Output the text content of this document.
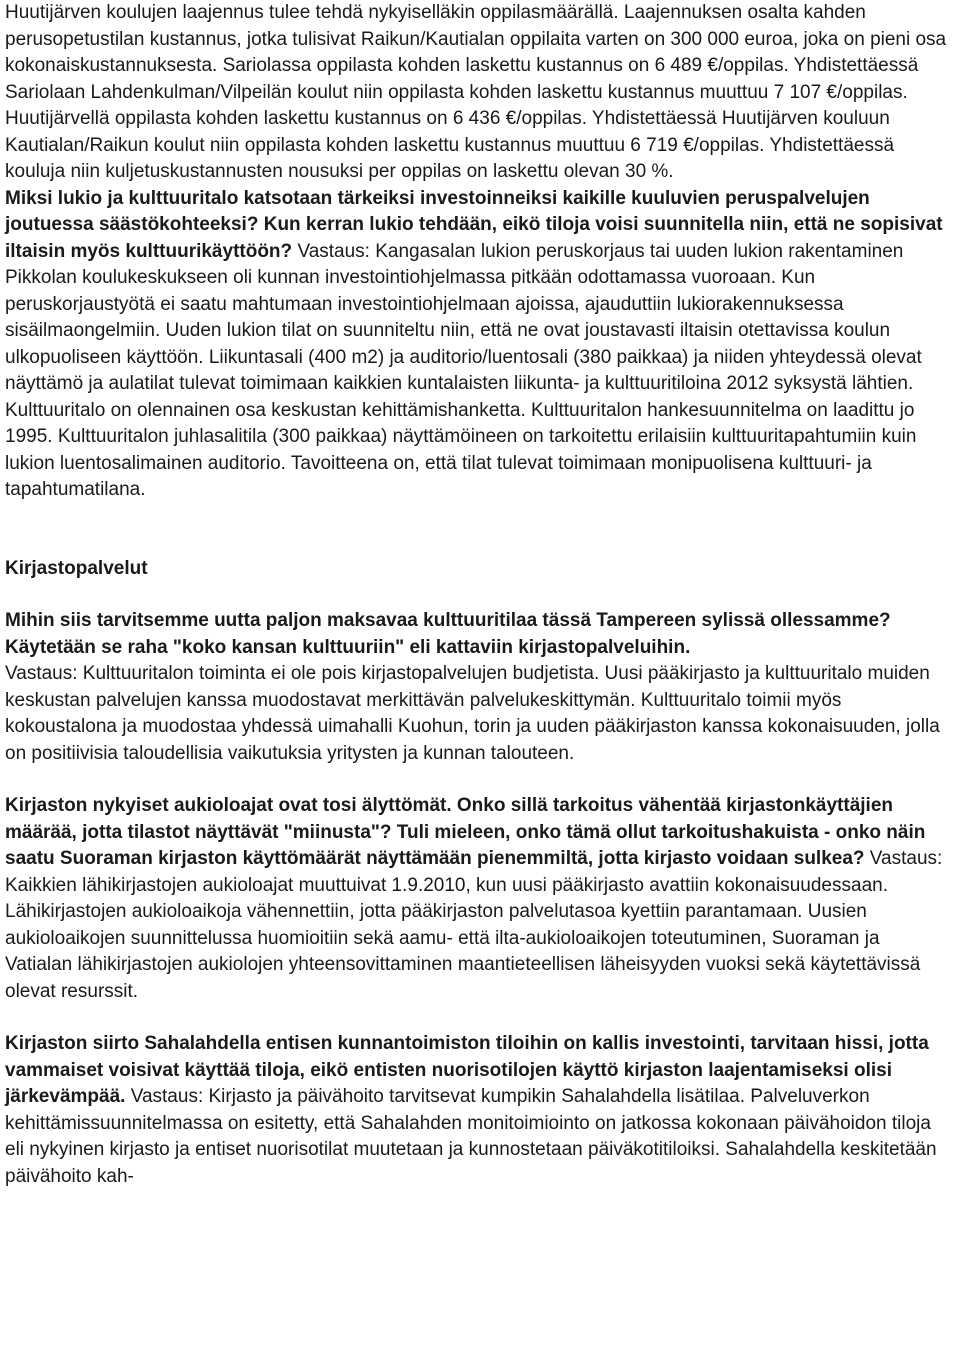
Huutijärven koulujen laajennus tulee tehdä nykyiselläkin oppilasmäärällä. Laajennuksen osalta kahden perusopetustilan kustannus, jotka tulisivat Raikun/Kautialan oppilaita varten on 300 000 euroa, joka on pieni osa kokonaiskustannuksesta. Sariolassa oppilasta kohden laskettu kustannus on 6 489 €/oppilas. Yhdistettäessä Sariolaan Lahdenkulman/Vilpeilän koulut niin oppilasta kohden laskettu kustannus muuttuu 7 107 €/oppilas. Huutijärvellä oppilasta kohden laskettu kustannus on 6 436 €/oppilas. Yhdistettäessä Huutijärven kouluun Kautialan/Raikun koulut niin oppilasta kohden laskettu kustannus muuttuu 6 719 €/oppilas. Yhdistettäessä kouluja niin kuljetuskustannusten nousuksi per oppilas on laskettu olevan 30 %.

Miksi lukio ja kulttuuritalo katsotaan tärkeiksi investoinneiksi kaikille kuuluvien peruspalvelujen joutuessa säästökohteeksi? Kun kerran lukio tehdään, eikö tiloja voisi suunnitella niin, että ne sopisivat iltaisin myös kulttuurikäyttöön? Vastaus: Kangasalan lukion peruskorjaus tai uuden lukion rakentaminen Pikkolan koulukeskukseen oli kunnan investointiohjelmassa pitkään odottamassa vuoroaan. Kun peruskorjaustyötä ei saatu mahtumaan investointiohjelmaan ajoissa, ajauduttiin lukiorakennuksessa sisäilmaongelmiin. Uuden lukion tilat on suunniteltu niin, että ne ovat joustavasti iltaisin otettavissa koulun ulkopuoliseen käyttöön. Liikuntasali (400 m2) ja auditorio/luentosali (380 paikkaa) ja niiden yhteydessä olevat näyttämö ja aulatilat tulevat toimimaan kaikkien kuntalaisten liikunta- ja kulttuuritiloina 2012 syksystä lähtien. Kulttuuritalo on olennainen osa keskustan kehittämishanketta. Kulttuuritalon hankesuunnitelma on laadittu jo 1995. Kulttuuritalon juhlasalitila (300 paikkaa) näyttämöineen on tarkoitettu erilaisiin kulttuuritapahtumiin kuin lukion luentosalimainen auditorio. Tavoitteena on, että tilat tulevat toimimaan monipuolisena kulttuuri- ja tapahtumatilana.

Kirjastopalvelut

Mihin siis tarvitsemme uutta paljon maksavaa kulttuuritilaa tässä Tampereen sylissä ollessamme? Käytetään se raha "koko kansan kulttuuriin" eli kattaviin kirjastopalveluihin.
Vastaus: Kulttuuritalon toiminta ei ole pois kirjastopalvelujen budjetista. Uusi pääkirjasto ja kulttuuritalo muiden keskustan palvelujen kanssa muodostavat merkittävän palvelukeskittymän. Kulttuuritalo toimii myös kokoustalona ja muodostaa yhdessä uimahalli Kuohun, torin ja uuden pääkirjaston kanssa kokonaisuuden, jolla on positiivisia taloudellisia vaikutuksia yritysten ja kunnan talouteen.

Kirjaston nykyiset aukioloajat ovat tosi älyttömät. Onko sillä tarkoitus vähentää kirjastonkäyttäjien määrää, jotta tilastot näyttävät "miinusta"? Tuli mieleen, onko tämä ollut tarkoitushakuista - onko näin saatu Suoraman kirjaston käyttömäärät näyttämään pienemmiltä, jotta kirjasto voidaan sulkea? Vastaus: Kaikkien lähikirjastojen aukioloajat muuttuivat 1.9.2010, kun uusi pääkirjasto avattiin kokonaisuudessaan. Lähikirjastojen aukioloaikoja vähennettiin, jotta pääkirjaston palvelutasoa kyettiin parantamaan. Uusien aukioloaikojen suunnittelussa huomioitiin sekä aamu- että ilta-aukioloaikojen toteutuminen, Suoraman ja Vatialan lähikirjastojen aukiolojen yhteensovittaminen maantieteellisen läheisyyden vuoksi sekä käytettävissä olevat resurssit.

Kirjaston siirto Sahalahdella entisen kunnantoimiston tiloihin on kallis investointi, tarvitaan hissi, jotta vammaiset voisivat käyttää tiloja, eikö entisten nuorisotilojen käyttö kirjaston laajentamiseksi olisi järkevämpää. Vastaus: Kirjasto ja päivähoito tarvitsevat kumpikin Sahalahdella lisätilaa. Palveluverkon kehittämissuunnitelmassa on esitetty, että Sahalahden monitoimiointo on jatkossa kokonaan päivähoidon tiloja eli nykyinen kirjasto ja entiset nuorisotilat muutetaan ja kunnostetaan päiväkotitiloiksi. Sahalahdella keskitetään päivähoito kah-
